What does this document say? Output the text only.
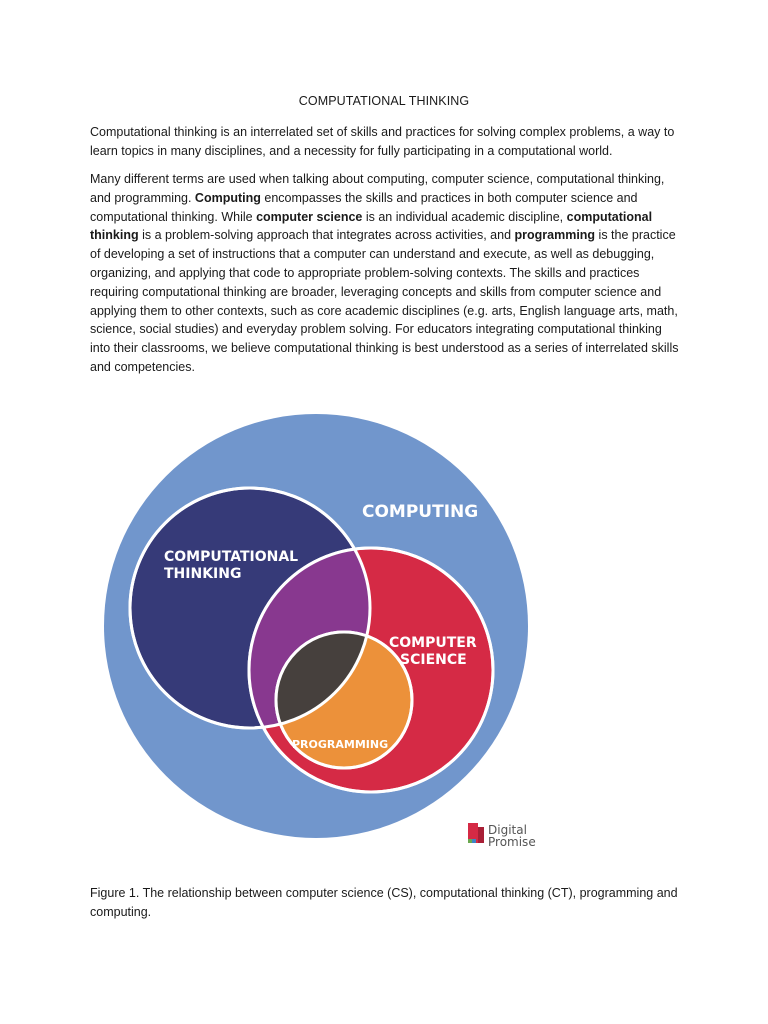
COMPUTATIONAL THINKING

Computational thinking is an interrelated set of skills and practices for solving complex problems, a way to learn topics in many disciplines, and a necessity for fully participating in a computational world.

Many different terms are used when talking about computing, computer science, computational thinking, and programming. Computing encompasses the skills and practices in both computer science and computational thinking. While computer science is an individual academic discipline, computational thinking is a problem-solving approach that integrates across activities, and programming is the practice of developing a set of instructions that a computer can understand and execute, as well as debugging, organizing, and applying that code to appropriate problem-solving contexts. The skills and practices requiring computational thinking are broader, leveraging concepts and skills from computer science and applying them to other contexts, such as core academic disciplines (e.g. arts, English language arts, math, science, social studies) and everyday problem solving. For educators integrating computational thinking into their classrooms, we believe computational thinking is best understood as a series of interrelated skills and competencies.

COMPUTING
COMPUTATIONAL
THINKING
COMPUTER
SCIENCE
PROGRAMMING
Digital
Promise

Figure 1. The relationship between computer science (CS), computational thinking (CT), programming and computing.
